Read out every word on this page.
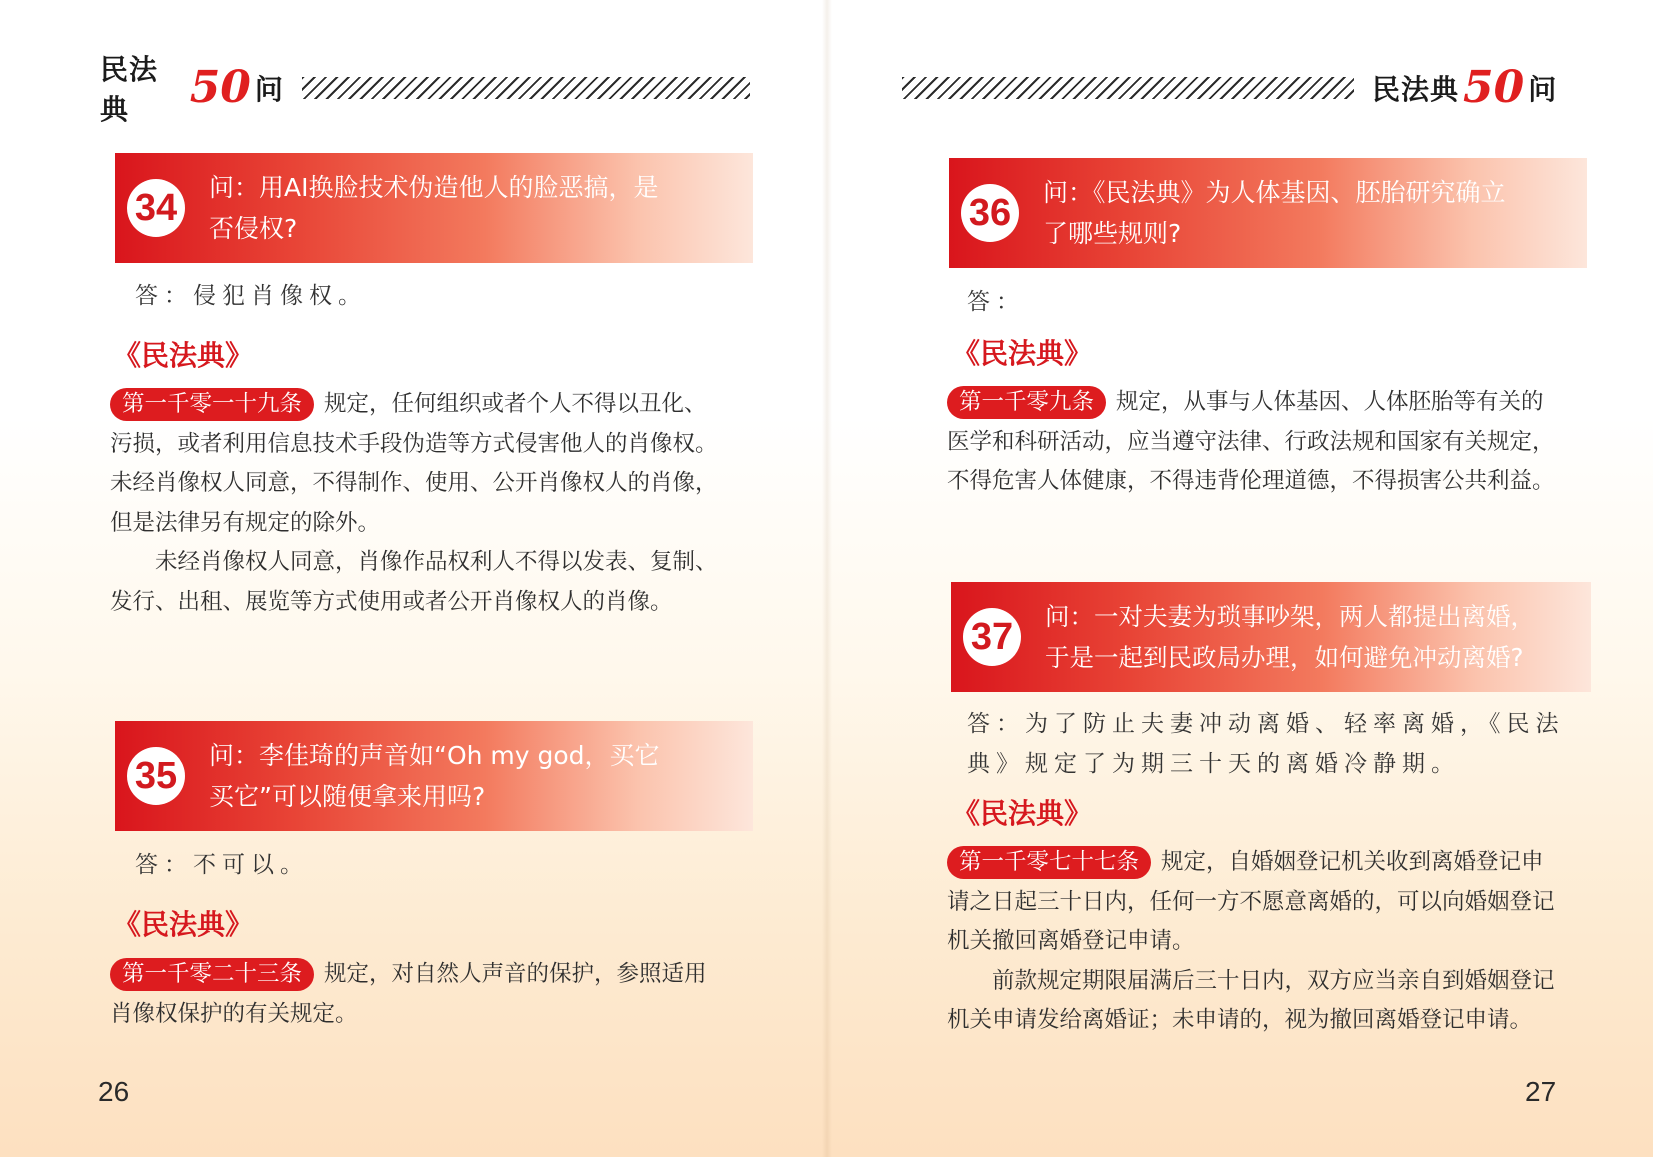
民法典	50 问
34	问：用AI换脸技术伪造他人的脸恶搞，是
否侵权?
答：侵犯肖像权。
《民法典》

第一千零一十九条 规定，任何组织或者个人不得以丑化、污损，或者利用信息技术手段伪造等方式侵害他人的肖像权。未经肖像权人同意，不得制作、使用、公开肖像权人的肖像，但是法律另有规定的除外。

未经肖像权人同意，肖像作品权利人不得以发表、复制、发行、出租、展览等方式使用或者公开肖像权人的肖像。

35	问：李佳琦的声音如“Oh my god，买它
买它”可以随便拿来用吗?
答：不可以。
《民法典》

第一千零二十三条 规定，对自然人声音的保护，参照适用肖像权保护的有关规定。

26
民法典 50 问
36	问：《民法典》为人体基因、胚胎研究确立
了哪些规则?
答：
《民法典》

第一千零九条 规定，从事与人体基因、人体胚胎等有关的医学和科研活动，应当遵守法律、行政法规和国家有关规定，不得危害人体健康，不得违背伦理道德，不得损害公共利益。

37	问：一对夫妻为琐事吵架，两人都提出离婚，
于是一起到民政局办理，如何避免冲动离婚?
答：为了防止夫妻冲动离婚、轻率离婚，《民法典》规定了为期三十天的离婚冷静期。
《民法典》

第一千零七十七条 规定，自婚姻登记机关收到离婚登记申请之日起三十日内，任何一方不愿意离婚的，可以向婚姻登记机关撤回离婚登记申请。

前款规定期限届满后三十日内，双方应当亲自到婚姻登记机关申请发给离婚证；未申请的，视为撤回离婚登记申请。

27
